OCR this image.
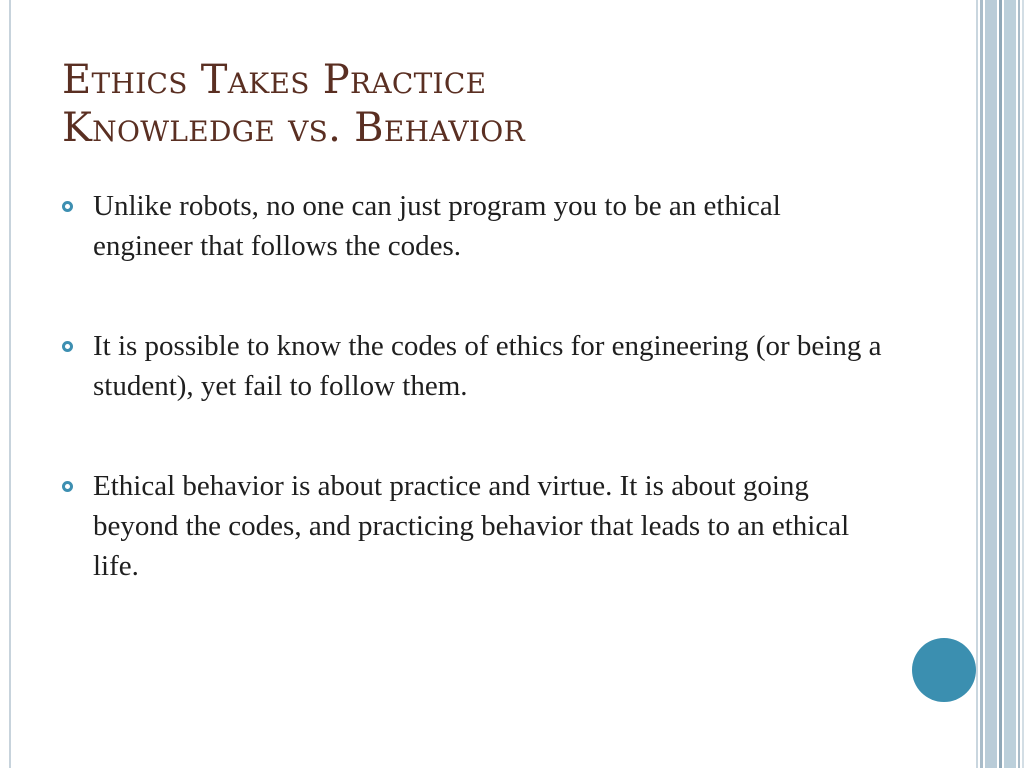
Ethics Takes Practice
Knowledge vs. Behavior
Unlike robots, no one can just program you to be an ethical engineer that follows the codes.
It is possible to know the codes of ethics for engineering (or being a student), yet fail to follow them.
Ethical behavior is about practice and virtue. It is about going beyond the codes, and practicing behavior that leads to an ethical life.
